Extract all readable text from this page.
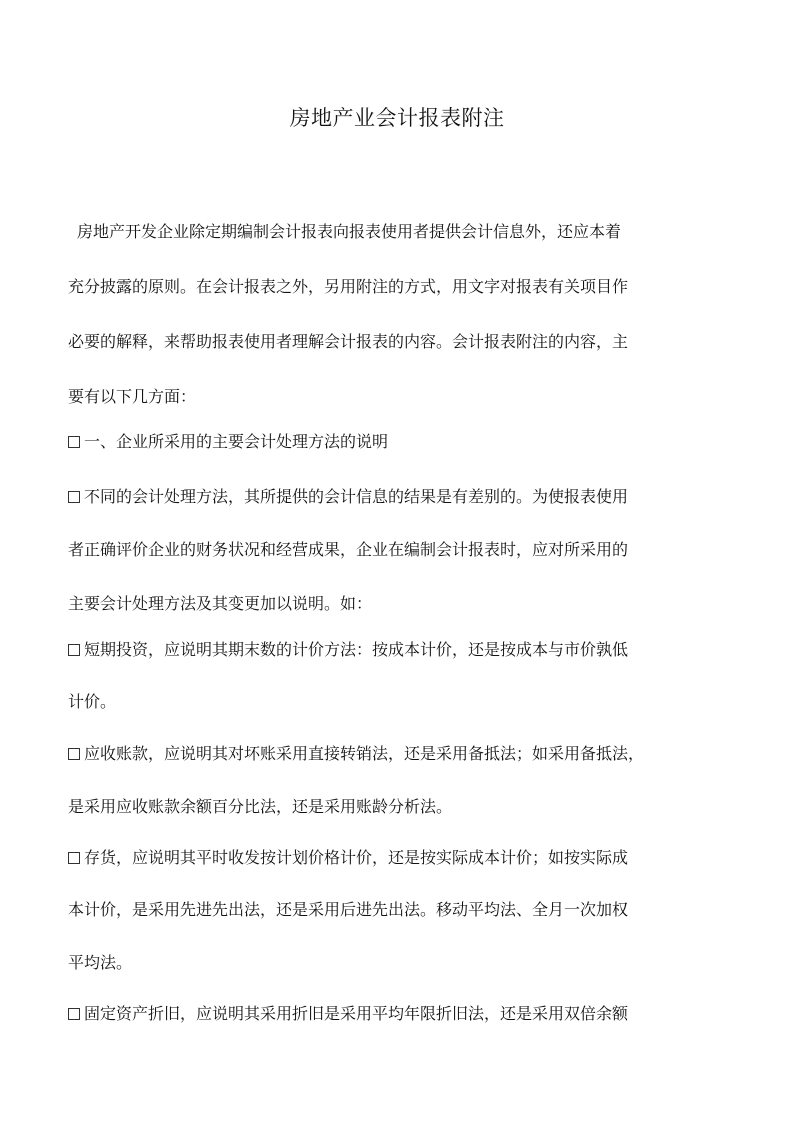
房地产业会计报表附注
房地产开发企业除定期编制会计报表向报表使用者提供会计信息外，还应本着
充分披露的原则。在会计报表之外，另用附注的方式，用文字对报表有关项目作
必要的解释，来帮助报表使用者理解会计报表的内容。会计报表附注的内容，主
要有以下几方面：
一、企业所采用的主要会计处理方法的说明
不同的会计处理方法，其所提供的会计信息的结果是有差别的。为使报表使用
者正确评价企业的财务状况和经营成果，企业在编制会计报表时，应对所采用的
主要会计处理方法及其变更加以说明。如：
短期投资，应说明其期末数的计价方法：按成本计价，还是按成本与市价孰低
计价。
应收账款，应说明其对坏账采用直接转销法，还是采用备抵法；如采用备抵法，
是采用应收账款余额百分比法，还是采用账龄分析法。
存货，应说明其平时收发按计划价格计价，还是按实际成本计价；如按实际成
本计价，是采用先进先出法，还是采用后进先出法。移动平均法、全月一次加权
平均法。
固定资产折旧，应说明其采用折旧是采用平均年限折旧法，还是采用双倍余额
